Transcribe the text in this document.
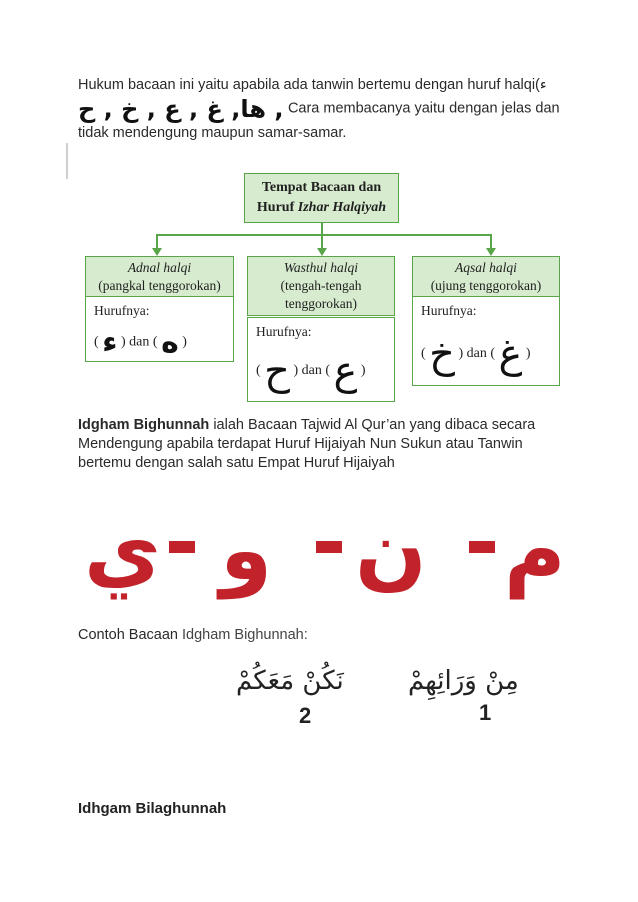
Hukum bacaan ini yaitu apabila ada tanwin bertemu dengan huruf halqi(ء
ها, غ , ع , خ , ح , Cara membacanya yaitu dengan jelas dan
tidak mendengung maupun samar-samar.
Tempat Bacaan dan
Huruf Izhar Halqiyah
Adnal halqi
(pangkal tenggorokan)
Hurufnya:
( ء ) dan ( ه )
Wasthul halqi
(tengah-tengah
tenggorokan)
Hurufnya:
( ح ) dan ( ع )
Aqsal halqi
(ujung tenggorokan)
Hurufnya:
( خ ) dan ( غ )
Idgham Bighunnah ialah Bacaan Tajwid Al Qur’an yang dibaca secara
Mendengung apabila terdapat Huruf Hijaiyah Nun Sukun atau Tanwin
bertemu dengan salah satu Empat Huruf Hijaiyah
ي و ن م
Contoh Bacaan Idgham Bighunnah:
نَكُنْ مَعَكُمْ
2
مِنْ وَرَائِهِمْ
1
Idhgam Bilaghunnah
